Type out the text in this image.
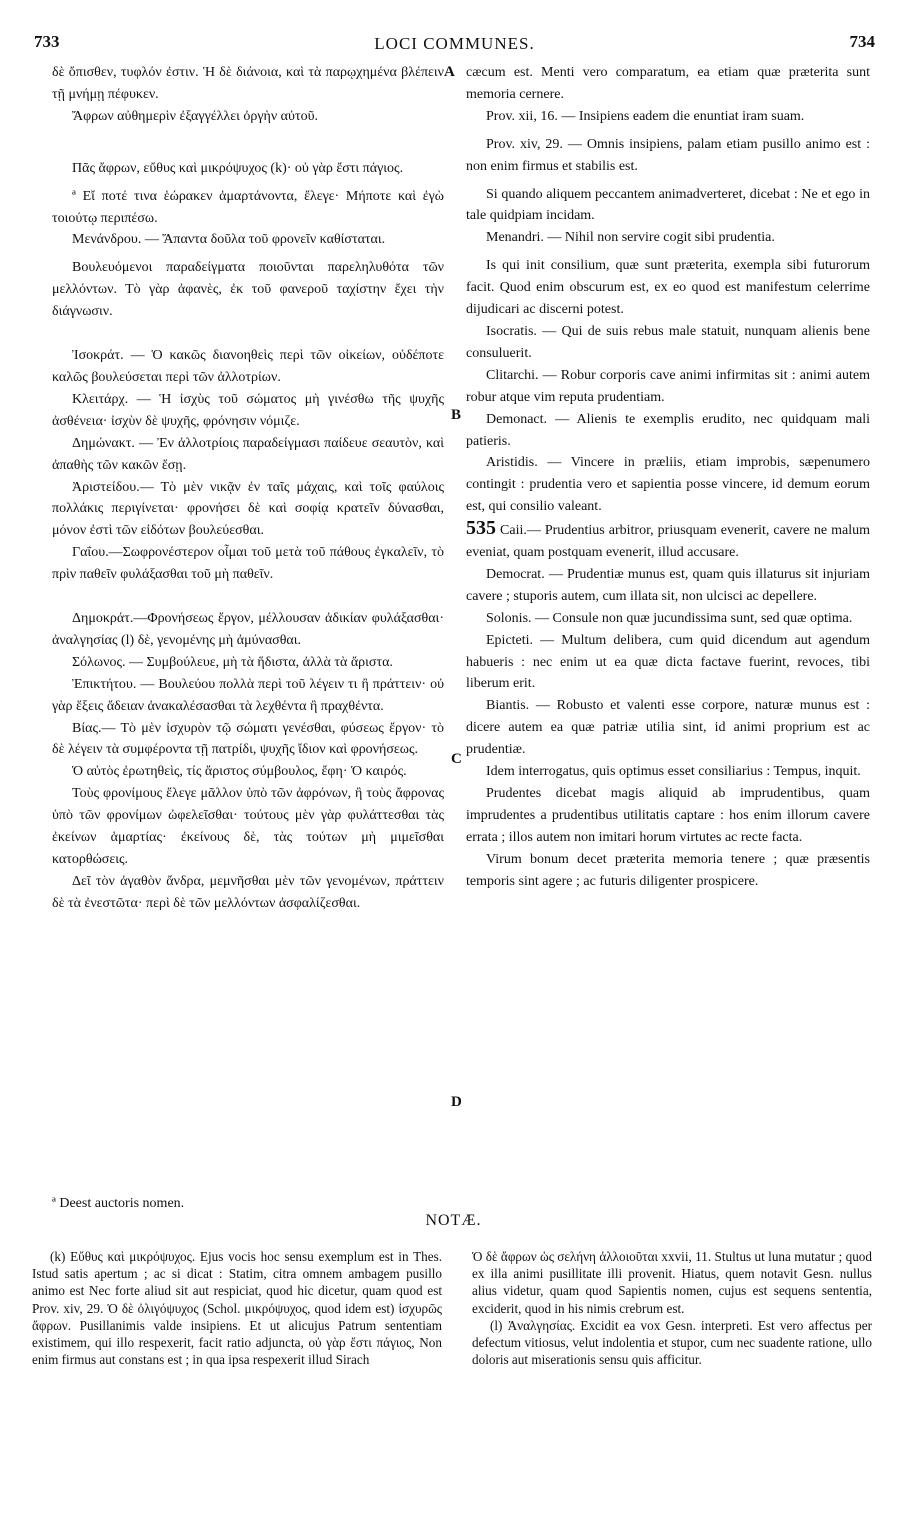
733	LOCI COMMUNES.	734

δὲ ὄπισθεν, τυφλόν ἐστιν. Ἡ δὲ διάνοια, καὶ τὰ παρῳχημένα βλέπειν τῇ μνήμῃ πέφυκεν.

Ἄφρων αὐθημερὶν ἐξαγγέλλει ὀργὴν αὐτοῦ.

Πᾶς ἄφρων, εὔθυς καὶ μικρόψυχος (k)· οὐ γὰρ ἔστι πάγιος.

ª Εἴ ποτέ τινα ἑώρακεν ἁμαρτάνοντα, ἔλεγε· Μήποτε καὶ ἐγὼ τοιούτῳ περιπέσω.

Μενάνδρου. — Ἅπαντα δοῦλα τοῦ φρονεῖν καθίσταται.

Βουλευόμενοι παραδείγματα ποιοῦνται παρεληλυθότα τῶν μελλόντων. Τὸ γὰρ ἀφανὲς, ἐκ τοῦ φανεροῦ ταχίστην ἔχει τὴν διάγνωσιν.

Ἰσοκράτ. — Ὁ κακῶς διανοηθεὶς περὶ τῶν οἰκείων, οὐδέποτε καλῶς βουλεύσεται περὶ τῶν ἀλλοτρίων.

Κλειτάρχ. — Ἡ ἰσχὺς τοῦ σώματος μὴ γινέσθω τῆς ψυχῆς ἀσθένεια· ἰσχὺν δὲ ψυχῆς, φρόνησιν νόμιζε.

Δημώνακτ. — Ἐν ἀλλοτρίοις παραδείγμασι παίδευε σεαυτὸν, καὶ ἀπαθὴς τῶν κακῶν ἔσῃ.

Ἀριστείδου.— Τὸ μὲν νικᾷν ἐν ταῖς μάχαις, καὶ τοῖς φαύλοις πολλάκις περιγίνεται· φρονήσει δὲ καὶ σοφίᾳ κρατεῖν δύνασθαι, μόνον ἐστὶ τῶν εἰδότων βουλεύεσθαι.

Γαΐου.—Σωφρονέστερον οἶμαι τοῦ μετὰ τοῦ πάθους ἐγκαλεῖν, τὸ πρὶν παθεῖν φυλάξασθαι τοῦ μὴ παθεῖν.

Δημοκράτ.—Φρονήσεως ἔργον, μέλλουσαν ἀδικίαν φυλάξασθαι· ἀναλγησίας (l) δὲ, γενομένης μὴ ἀμύνασθαι.

Σόλωνος. — Συμβούλευε, μὴ τὰ ἥδιστα, ἀλλὰ τὰ ἄριστα.

Ἐπικτήτου. — Βουλεύου πολλὰ περὶ τοῦ λέγειν τι ἢ πράττειν· οὐ γὰρ ἕξεις ἄδειαν ἀνακαλέσασθαι τὰ λεχθέντα ἢ πραχθέντα.

Βίας.— Τὸ μὲν ἰσχυρὸν τῷ σώματι γενέσθαι, φύσεως ἔργον· τὸ δὲ λέγειν τὰ συμφέροντα τῇ πατρίδι, ψυχῆς ἴδιον καὶ φρονήσεως.

Ὁ αὐτὸς ἐρωτηθεὶς, τίς ἄριστος σύμβουλος, ἔφη· Ὁ καιρός.

Τοὺς φρονίμους ἔλεγε μᾶλλον ὑπὸ τῶν ἀφρόνων, ἢ τοὺς ἄφρονας ὑπὸ τῶν φρονίμων ὠφελεῖσθαι· τούτους μὲν γὰρ φυλάττεσθαι τὰς ἐκείνων ἁμαρτίας· ἐκείνους δὲ, τὰς τούτων μὴ μιμεῖσθαι κατορθώσεις.

Δεῖ τὸν ἀγαθὸν ἄνδρα, μεμνῆσθαι μὲν τῶν γενομένων, πράττειν δὲ τὰ ἐνεστῶτα· περὶ δὲ τῶν μελλόντων ἀσφαλίζεσθαι.

A
B
C
D

cæcum est. Menti vero comparatum, ea etiam quæ præterita sunt memoria cernere.

Prov. xii, 16. — Insipiens eadem die enuntiat iram suam.

Prov. xiv, 29. — Omnis insipiens, palam etiam pusillo animo est : non enim firmus et stabilis est.

Si quando aliquem peccantem animadverteret, dicebat : Ne et ego in tale quidpiam incidam.

Menandri. — Nihil non servire cogit sibi prudentia.

Is qui init consilium, quæ sunt præterita, exempla sibi futurorum facit. Quod enim obscurum est, ex eo quod est manifestum celerrime dijudicari ac discerni potest.

Isocratis. — Qui de suis rebus male statuit, nunquam alienis bene consuluerit.

Clitarchi. — Robur corporis cave animi infirmitas sit : animi autem robur atque vim reputa prudentiam.

Demonact. — Alienis te exemplis erudito, nec quidquam mali patieris.

Aristidis. — Vincere in præliis, etiam improbis, sæpenumero contingit : prudentia vero et sapientia posse vincere, id demum eorum est, qui consilio valeant.

535 Caii.— Prudentius arbitror, priusquam evenerit, cavere ne malum eveniat, quam postquam evenerit, illud accusare.

Democrat. — Prudentiæ munus est, quam quis illaturus sit injuriam cavere ; stuporis autem, cum illata sit, non ulcisci ac depellere.

Solonis. — Consule non quæ jucundissima sunt, sed quæ optima.

Epicteti. — Multum delibera, cum quid dicendum aut agendum habueris : nec enim ut ea quæ dicta factave fuerint, revoces, tibi liberum erit.

Biantis. — Robusto et valenti esse corpore, naturæ munus est : dicere autem ea quæ patriæ utilia sint, id animi proprium est ac prudentiæ.

Idem interrogatus, quis optimus esset consiliarius : Tempus, inquit.

Prudentes dicebat magis aliquid ab imprudentibus, quam imprudentes a prudentibus utilitatis captare : hos enim illorum cavere errata ; illos autem non imitari horum virtutes ac recte facta.

Virum bonum decet præterita memoria tenere ; quæ præsentis temporis sint agere ; ac futuris diligenter prospicere.

ª Deest auctoris nomen.
NOTÆ.

(k) Εὔθυς καὶ μικρόψυχος. Ejus vocis hoc sensu exemplum est in Thes. Istud satis apertum ; ac si dicat : Statim, citra omnem ambagem pusillo animo est Nec forte aliud sit aut respiciat, quod hic dicetur, quam quod est Prov. xiv, 29. Ὁ δὲ ὀλιγόψυχος (Schol. μικρόψυχος, quod idem est) ἰσχυρῶς ἄφρων. Pusillanimis valde insipiens. Et ut alicujus Patrum sententiam existimem, qui illo respexerit, facit ratio adjuncta, οὐ γὰρ ἔστι πάγιος, Non enim firmus aut constans est ; in qua ipsa respexerit illud Sirach

Ὁ δὲ ἄφρων ὡς σελήνη ἀλλοιοῦται xxvii, 11. Stultus ut luna mutatur ; quod ex illa animi pusillitate illi provenit. Hiatus, quem notavit Gesn. nullus alius videtur, quam quod Sapientis nomen, cujus est sequens sententia, exciderit, quod in his nimis crebrum est.

(l) Ἀναλγησίας. Excidit ea vox Gesn. interpreti. Est vero affectus per defectum vitiosus, velut indolentia et stupor, cum nec suadente ratione, ullo doloris aut miserationis sensu quis afficitur.
